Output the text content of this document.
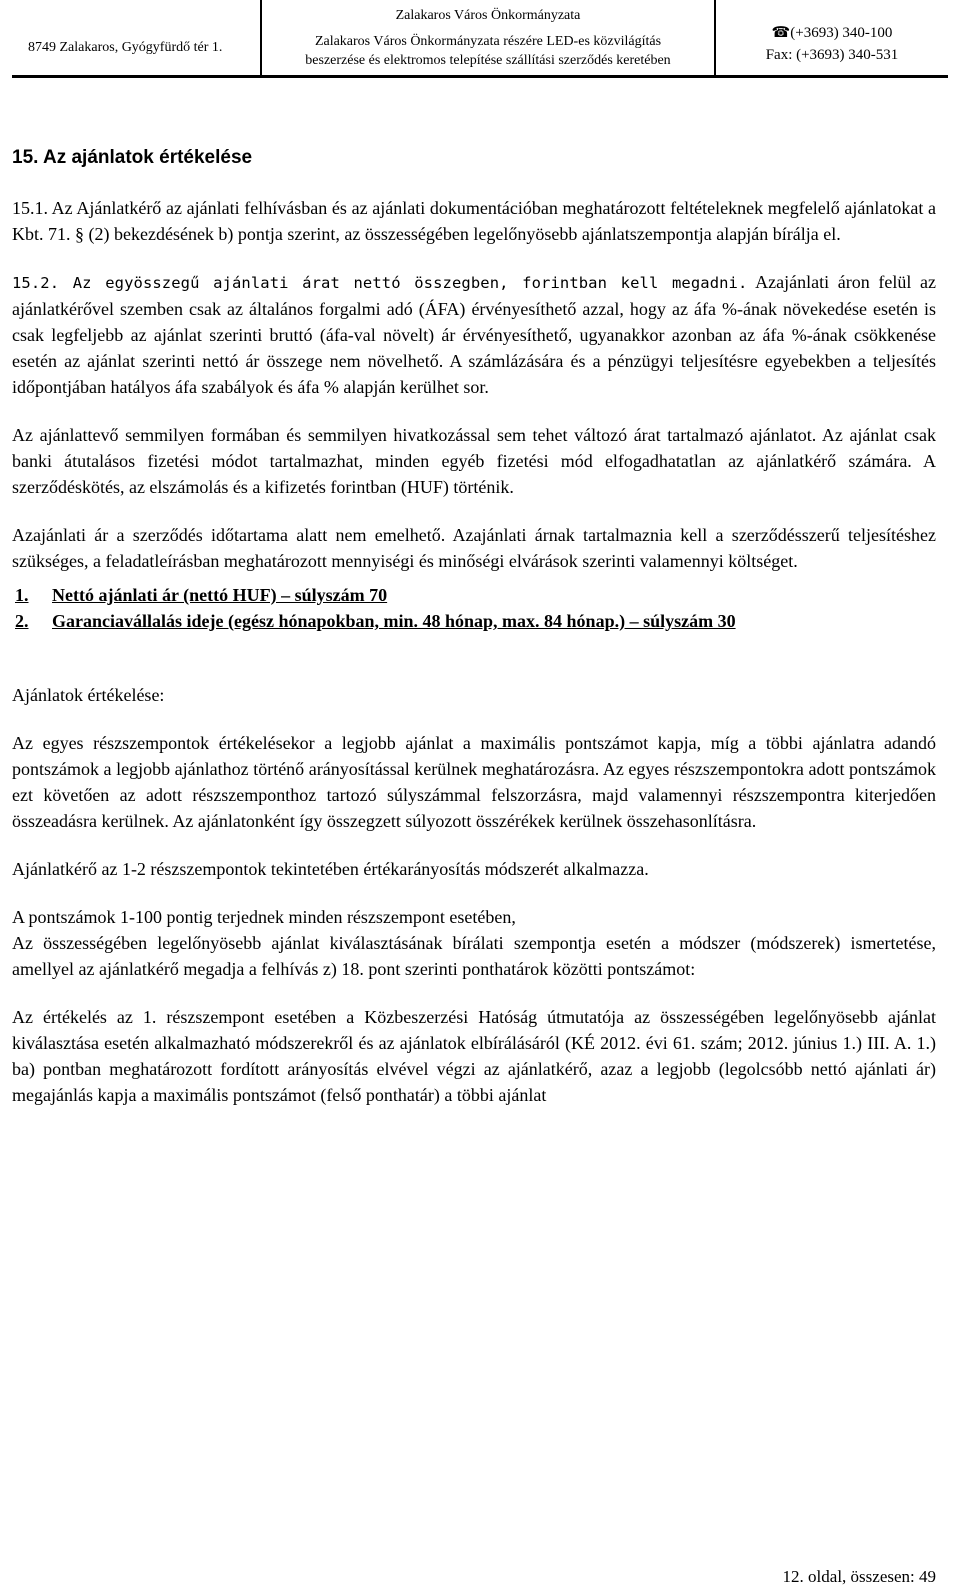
8749 Zalakaros, Gyógyfürdő tér 1.
Zalakaros Város Önkormányzata
Zalakaros Város Önkormányzata részére LED-es közvilágítás
beszerzése és elektromos telepítése szállítási szerződés keretében
☎(+3693) 340-100
Fax: (+3693) 340-531

15. Az ajánlatok értékelése

15.1. Az Ajánlatkérő az ajánlati felhívásban és az ajánlati dokumentációban meghatározott feltételeknek megfelelő ajánlatokat a Kbt. 71. § (2) bekezdésének b) pontja szerint, az összességében legelőnyösebb ajánlatszempontja alapján bírálja el.

15.2. Az egyösszegű ajánlati árat nettó összegben, forintban kell megadni. Azajánlati áron felül az ajánlatkérővel szemben csak az általános forgalmi adó (ÁFA) érvényesíthető azzal, hogy az áfa %-ának növekedése esetén is csak legfeljebb az ajánlat szerinti bruttó (áfa-val növelt) ár érvényesíthető, ugyanakkor azonban az áfa %-ának csökkenése esetén az ajánlat szerinti nettó ár összege nem növelhető. A számlázására és a pénzügyi teljesítésre egyebekben a teljesítés időpontjában hatályos áfa szabályok és áfa % alapján kerülhet sor.

Az ajánlattevő semmilyen formában és semmilyen hivatkozással sem tehet változó árat tartalmazó ajánlatot. Az ajánlat csak banki átutalásos fizetési módot tartalmazhat, minden egyéb fizetési mód elfogadhatatlan az ajánlatkérő számára. A szerződéskötés, az elszámolás és a kifizetés forintban (HUF) történik.

Azajánlati ár a szerződés időtartama alatt nem emelhető. Azajánlati árnak tartalmaznia kell a szerződésszerű teljesítéshez szükséges, a feladatleírásban meghatározott mennyiségi és minőségi elvárások szerinti valamennyi költséget.

1. Nettó ajánlati ár (nettó HUF) – súlyszám 70
2. Garanciavállalás ideje (egész hónapokban, min. 48 hónap, max. 84 hónap.) – súlyszám 30

Ajánlatok értékelése:

Az egyes részszempontok értékelésekor a legjobb ajánlat a maximális pontszámot kapja, míg a többi ajánlatra adandó pontszámok a legjobb ajánlathoz történő arányosítással kerülnek meghatározásra. Az egyes részszempontokra adott pontszámok ezt követően az adott részszemponthoz tartozó súlyszámmal felszorzásra, majd valamennyi részszempontra kiterjedően összeadásra kerülnek. Az ajánlatonként így összegzett súlyozott összérékek kerülnek összehasonlításra.

Ajánlatkérő az 1-2 részszempontok tekintetében értékarányosítás módszerét alkalmazza.

A pontszámok 1-100 pontig terjednek minden részszempont esetében,

Az összességében legelőnyösebb ajánlat kiválasztásának bírálati szempontja esetén a módszer (módszerek) ismertetése, amellyel az ajánlatkérő megadja a felhívás z) 18. pont szerinti ponthatárok közötti pontszámot:

Az értékelés az 1. részszempont esetében a Közbeszerzési Hatóság útmutatója az összességében legelőnyösebb ajánlat kiválasztása esetén alkalmazható módszerekről és az ajánlatok elbírálásáról (KÉ 2012. évi 61. szám; 2012. június 1.) III. A. 1.) ba) pontban meghatározott fordított arányosítás elvével végzi az ajánlatkérő, azaz a legjobb (legolcsóbb nettó ajánlati ár) megajánlás kapja a maximális pontszámot (felső ponthatár) a többi ajánlat

12. oldal, összesen: 49
